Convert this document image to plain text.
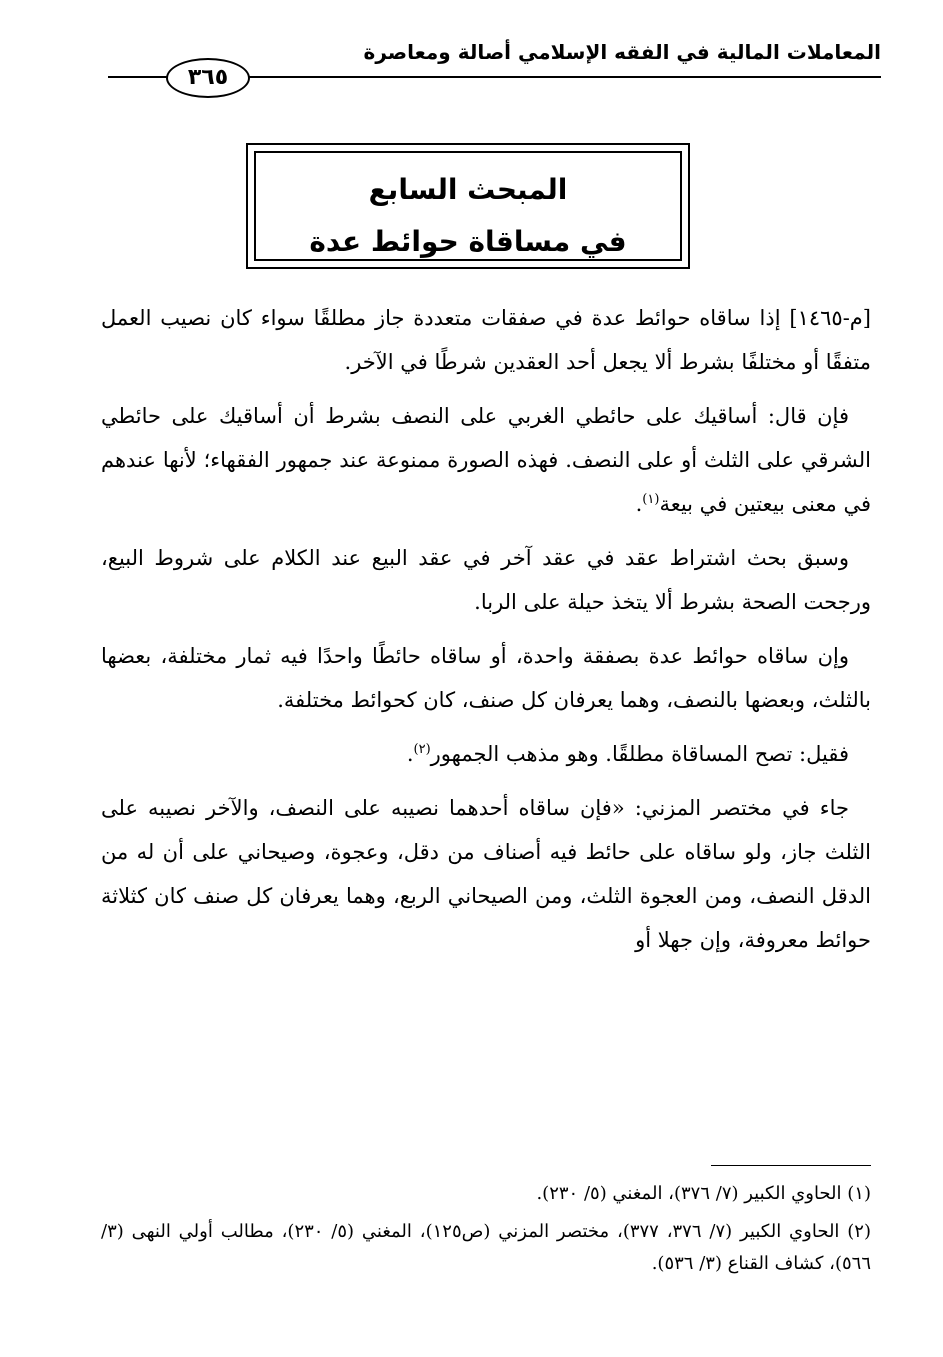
المعاملات المالية في الفقه الإسلامي أصالة ومعاصرة
٣٦٥
المبحث السابع
في مساقاة حوائط عدة

[م-١٤٦٥] إذا ساقاه حوائط عدة في صفقات متعددة جاز مطلقًا سواء كان نصيب العمل متفقًا أو مختلفًا بشرط ألا يجعل أحد العقدين شرطًا في الآخر.

فإن قال: أساقيك على حائطي الغربي على النصف بشرط أن أساقيك على حائطي الشرقي على الثلث أو على النصف. فهذه الصورة ممنوعة عند جمهور الفقهاء؛ لأنها عندهم في معنى بيعتين في بيعة$^{(١)}$.

وسبق بحث اشتراط عقد في عقد آخر في عقد البيع عند الكلام على شروط البيع، ورجحت الصحة بشرط ألا يتخذ حيلة على الربا.

وإن ساقاه حوائط عدة بصفقة واحدة، أو ساقاه حائطًا واحدًا فيه ثمار مختلفة، بعضها بالثلث، وبعضها بالنصف، وهما يعرفان كل صنف، كان كحوائط مختلفة.

فقيل: تصح المساقاة مطلقًا. وهو مذهب الجمهور$^{(٢)}$.

جاء في مختصر المزني: «فإن ساقاه أحدهما نصيبه على النصف، والآخر نصيبه على الثلث جاز، ولو ساقاه على حائط فيه أصناف من دقل، وعجوة، وصيحاني على أن له من الدقل النصف، ومن العجوة الثلث، ومن الصيحاني الربع، وهما يعرفان كل صنف كان كثلاثة حوائط معروفة، وإن جهلا أو

(١) الحاوي الكبير (٧/ ٣٧٦)، المغني (٥/ ٢٣٠).

(٢) الحاوي الكبير (٧/ ٣٧٦، ٣٧٧)، مختصر المزني (ص١٢٥)، المغني (٥/ ٢٣٠)، مطالب أولي النهى (٣/ ٥٦٦)، كشاف القناع (٣/ ٥٣٦).
